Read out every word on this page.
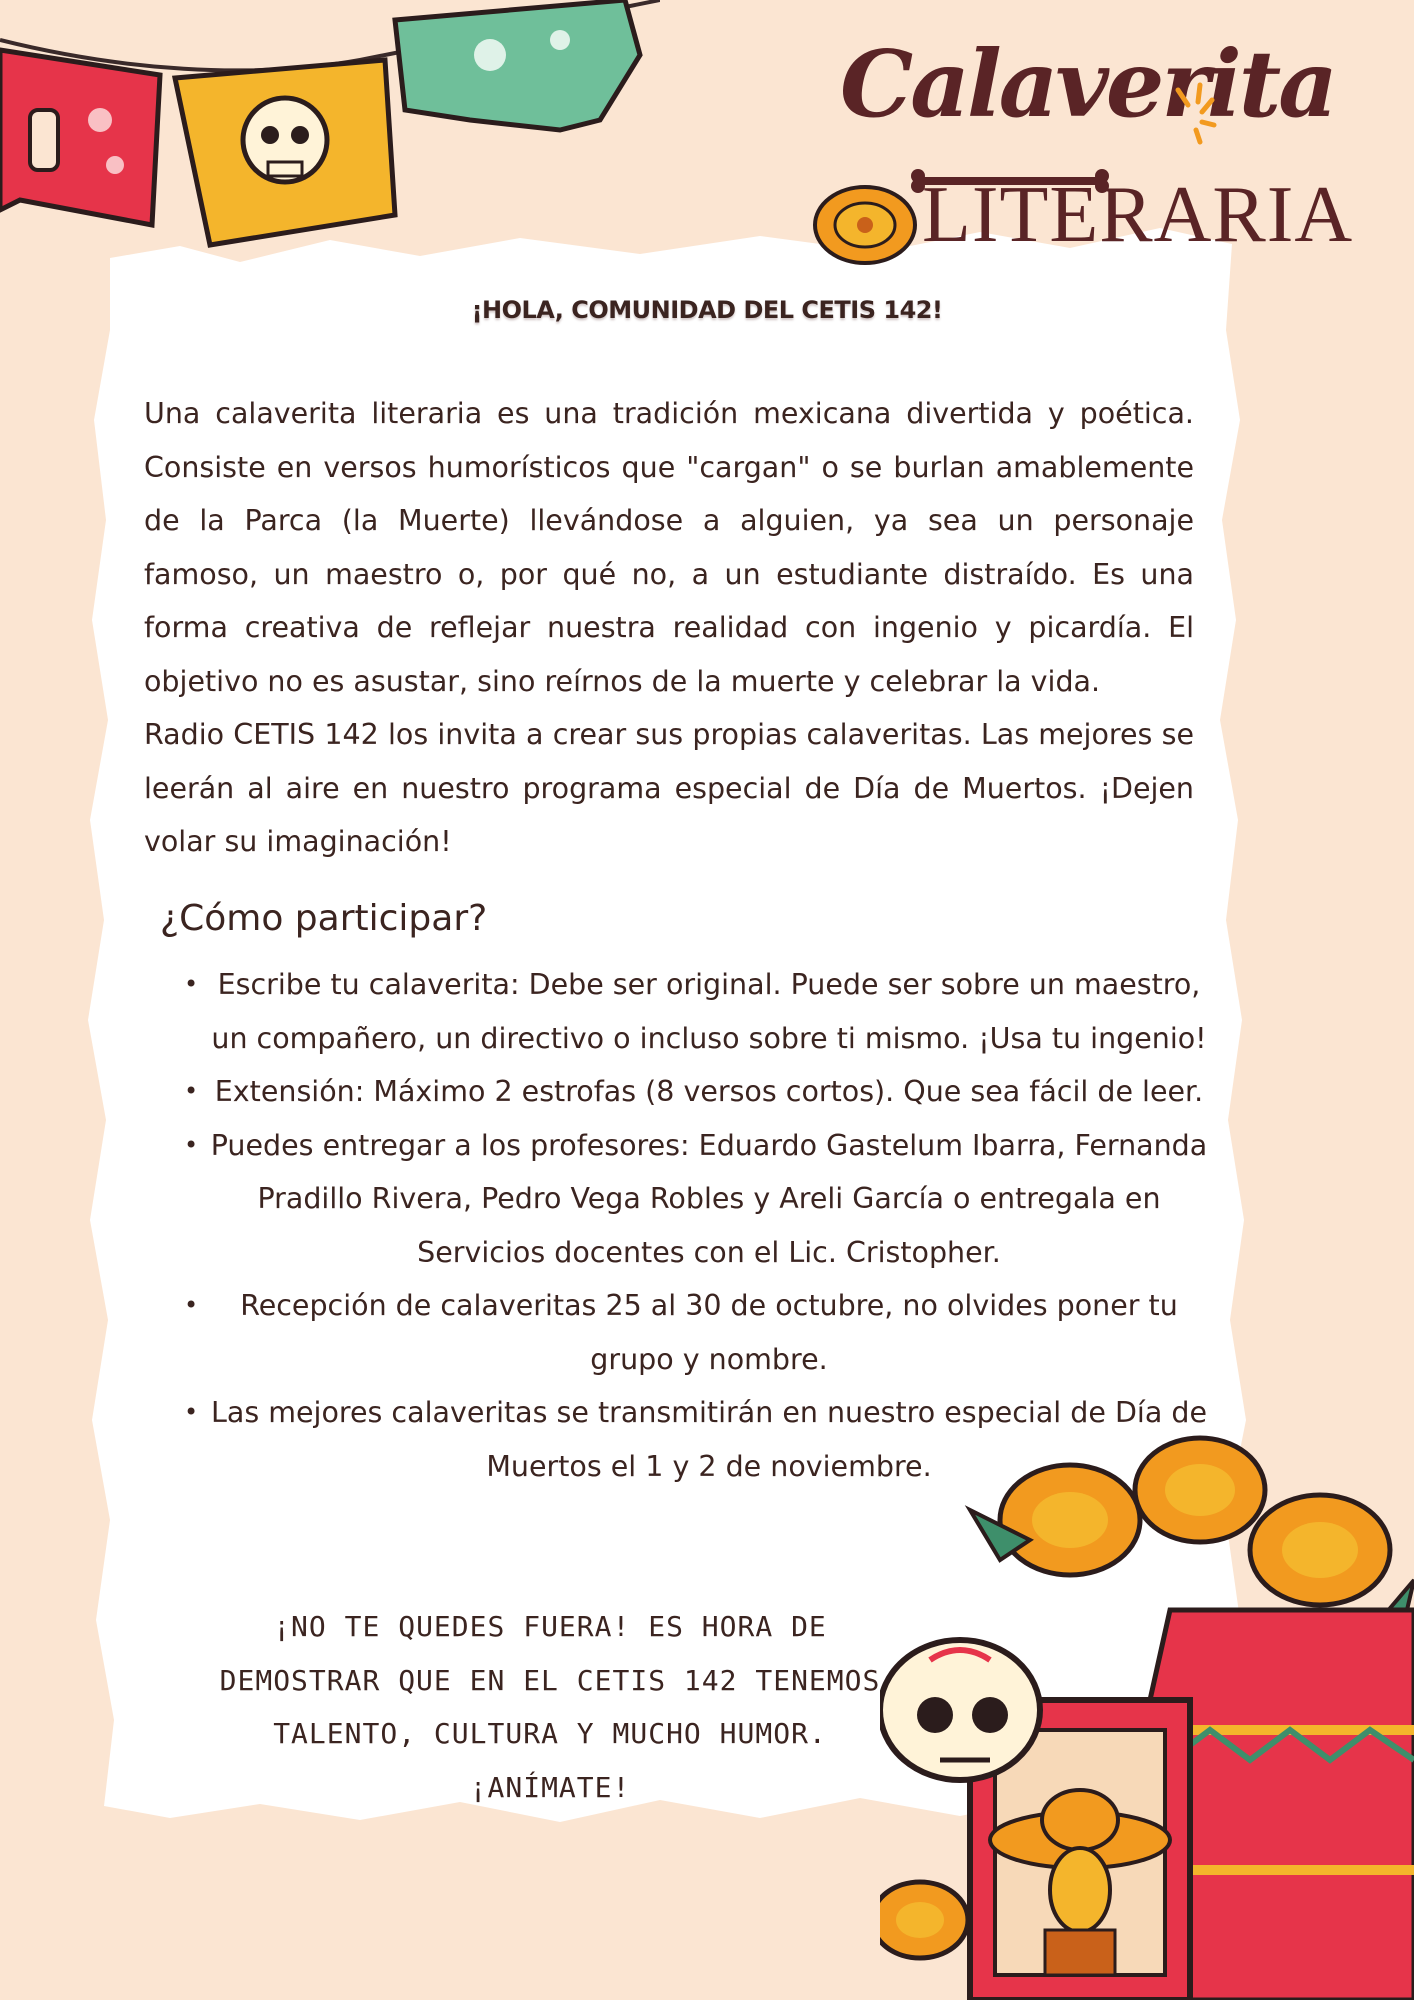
Calaverita
LITERARIA
¡HOLA, COMUNIDAD DEL CETIS 142!

Una calaverita literaria es una tradición mexicana divertida y poética. Consiste en versos humorísticos que "cargan" o se burlan amablemente de la Parca (la Muerte) llevándose a alguien, ya sea un personaje famoso, un maestro o, por qué no, a un estudiante distraído. Es una forma creativa de reflejar nuestra realidad con ingenio y picardía. El objetivo no es asustar, sino reírnos de la muerte y celebrar la vida.

Radio CETIS 142 los invita a crear sus propias calaveritas. Las mejores se leerán al aire en nuestro programa especial de Día de Muertos. ¡Dejen volar su imaginación!

¿Cómo participar?
• Escribe tu calaverita: Debe ser original. Puede ser sobre un maestro, un compañero, un directivo o incluso sobre ti mismo. ¡Usa tu ingenio!
• Extensión: Máximo 2 estrofas (8 versos cortos). Que sea fácil de leer.
• Puedes entregar a los profesores: Eduardo Gastelum Ibarra, Fernanda Pradillo Rivera, Pedro Vega Robles y Areli García o entregala en Servicios docentes con el Lic. Cristopher.
• Recepción de calaveritas 25 al 30 de octubre, no olvides poner tu grupo y nombre.
• Las mejores calaveritas se transmitirán en nuestro especial de Día de Muertos el 1 y 2 de noviembre.
¡NO TE QUEDES FUERA! ES HORA DE DEMOSTRAR QUE EN EL CETIS 142 TENEMOS TALENTO, CULTURA Y MUCHO HUMOR. ¡ANÍMATE!
